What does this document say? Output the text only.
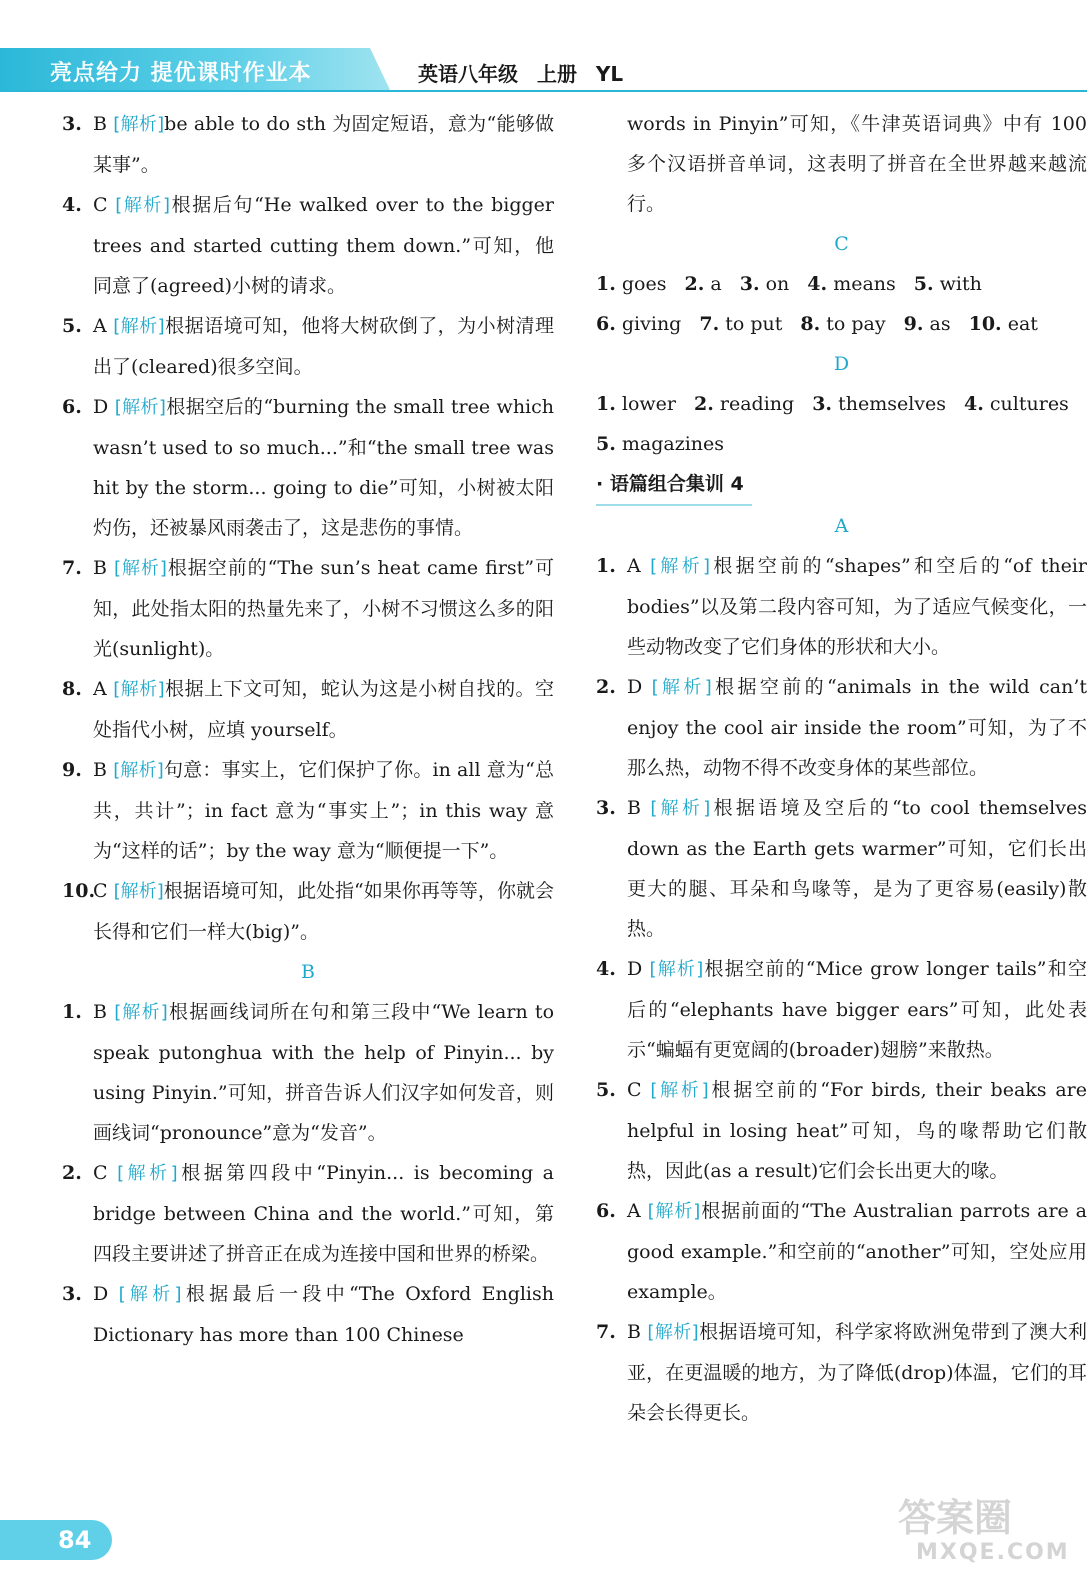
亮点给力 提优课时作业本	英语八年级 上册 YL
3. B [解析]be able to do sth 为固定短语，意为“能够做某事”。
4. C [解析]根据后句“He walked over to the bigger trees and started cutting them down.”可知，他同意了(agreed)小树的请求。
5. A [解析]根据语境可知，他将大树砍倒了，为小树清理出了(cleared)很多空间。
6. D [解析]根据空后的“burning the small tree which wasn’t used to so much...”和“the small tree was hit by the storm... going to die”可知，小树被太阳灼伤，还被暴风雨袭击了，这是悲伤的事情。
7. B [解析]根据空前的“The sun’s heat came first”可知，此处指太阳的热量先来了，小树不习惯这么多的阳光(sunlight)。
8. A [解析]根据上下文可知，蛇认为这是小树自找的。空处指代小树，应填 yourself。
9. B [解析]句意：事实上，它们保护了你。in all 意为“总共，共计”；in fact 意为“事实上”；in this way 意为“这样的话”；by the way 意为“顺便提一下”。
10.
C [解析]根据语境可知，此处指“如果你再等等，你就会长得和它们一样大(big)”。
B
1. B [解析]根据画线词所在句和第三段中“We learn to speak putonghua with the help of Pinyin... by using Pinyin.”可知，拼音告诉人们汉字如何发音，则画线词“pronounce”意为“发音”。
2. C [解析]根据第四段中“Pinyin... is becoming a bridge between China and the world.”可知，第四段主要讲述了拼音正在成为连接中国和世界的桥梁。
3. D [解析]根据最后一段中“The Oxford English Dictionary has more than 100 Chinese
words in Pinyin”可知，《牛津英语词典》中有 100 多个汉语拼音单词，这表明了拼音在全世界越来越流行。
C
1. goes 2. a 3. on 4. means 5. with
6. giving 7. to put 8. to pay 9. as 10. eat
D
1. lower 2. reading 3. themselves 4. cultures
5. magazines
· 语篇组合集训 4
A
1. A [解析]根据空前的“shapes”和空后的“of their bodies”以及第二段内容可知，为了适应气候变化，一些动物改变了它们身体的形状和大小。
2. D [解析]根据空前的“animals in the wild can’t enjoy the cool air inside the room”可知，为了不那么热，动物不得不改变身体的某些部位。
3. B [解析]根据语境及空后的“to cool themselves down as the Earth gets warmer”可知，它们长出更大的腿、耳朵和鸟喙等，是为了更容易(easily)散热。
4. D [解析]根据空前的“Mice grow longer tails”和空后的“elephants have bigger ears”可知，此处表示“蝙蝠有更宽阔的(broader)翅膀”来散热。
5. C [解析]根据空前的“For birds, their beaks are helpful in losing heat”可知，鸟的喙帮助它们散热，因此(as a result)它们会长出更大的喙。
6. A [解析]根据前面的“The Australian parrots are a good example.”和空前的“another”可知，空处应用 example。
7. B [解析]根据语境可知，科学家将欧洲兔带到了澳大利亚，在更温暖的地方，为了降低(drop)体温，它们的耳朵会长得更长。
84	答案圈
MXQE.COM
